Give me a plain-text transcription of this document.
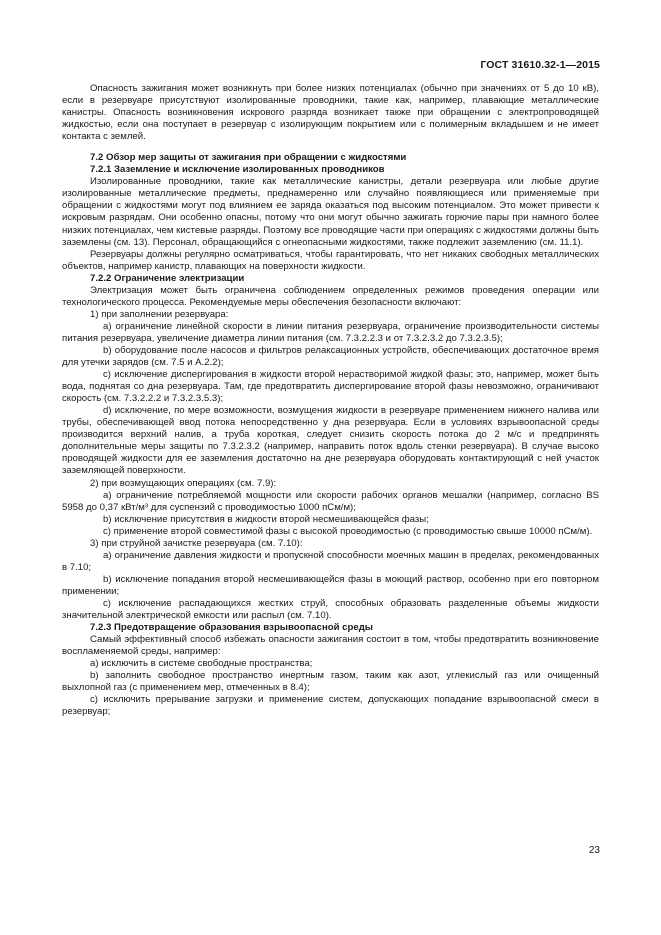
ГОСТ 31610.32-1—2015

Опасность зажигания может возникнуть при более низких потенциалах (обычно при значениях от 5 до 10 кВ), если в резервуаре присутствуют изолированные проводники, такие как, например, плавающие металлические канистры. Опасность возникновения искрового разряда возникает также при обращении с электропроводящей жидкостью, если она поступает в резервуар с изолирующим покрытием или с полимерным вкладышем и не имеет контакта с землей.

7.2 Обзор мер защиты от зажигания при обращении с жидкостями

7.2.1 Заземление и исключение изолированных проводников

Изолированные проводники, такие как металлические канистры, детали резервуара или любые другие изолированные металлические предметы, преднамеренно или случайно появляющиеся или применяемые при обращении с жидкостями могут под влиянием ее заряда оказаться под высоким потенциалом. Это может привести к искровым разрядам. Они особенно опасны, потому что они могут обычно зажигать горючие пары при намного более низких потенциалах, чем кистевые разряды. Поэтому все проводящие части при операциях с жидкостями должны быть заземлены (см. 13). Персонал, обращающийся с огнеопасными жидкостями, также подлежит заземлению (см. 11.1).

Резервуары должны регулярно осматриваться, чтобы гарантировать, что нет никаких свободных металлических объектов, например канистр, плавающих на поверхности жидкости.

7.2.2 Ограничение электризации

Электризация может быть ограничена соблюдением определенных режимов проведения операции или технологического процесса. Рекомендуемые меры обеспечения безопасности включают:

1) при заполнении резервуара:

а) ограничение линейной скорости в линии питания резервуара, ограничение производительности системы питания резервуара, увеличение диаметра линии питания (см. 7.3.2.2.3 и от 7.3.2.3.2 до 7.3.2.3.5);

b) оборудование после насосов и фильтров релаксационных устройств, обеспечивающих достаточное время для утечки зарядов (см. 7.5 и А.2.2);

c) исключение диспергирования в жидкости второй нерастворимой жидкой фазы; это, например, может быть вода, поднятая со дна резервуара. Там, где предотвратить диспергирование второй фазы невозможно, ограничивают скорость (см. 7.3.2.2.2 и 7.3.2.3.5.3);

d) исключение, по мере возможности, возмущения жидкости в резервуаре применением нижнего налива или трубы, обеспечивающей ввод потока непосредственно у дна резервуара. Если в условиях взрывоопасной среды производится верхний налив, а труба короткая, следует снизить скорость потока до 2 м/с и предпринять дополнительные меры защиты по 7.3.2.3.2 (например, направить поток вдоль стенки резервуара). В случае высоко проводящей жидкости для ее заземления достаточно на дне резервуара оборудовать контактирующий с ней участок заземляющей поверхности.

2) при возмущающих операциях (см. 7.9):

а) ограничение потребляемой мощности или скорости рабочих органов мешалки (например, согласно BS 5958 до 0,37 кВт/м³ для суспензий с проводимостью 1000 пСм/м);

b) исключение присутствия в жидкости второй несмешивающейся фазы;

c) применение второй совместимой фазы с высокой проводимостью (с проводимостью свыше 10000 пСм/м).

3) при струйной зачистке резервуара (см. 7.10):

а) ограничение давления жидкости и пропускной способности моечных машин в пределах, рекомендованных в 7.10;

b) исключение попадания второй несмешивающейся фазы в моющий раствор, особенно при его повторном применении;

c) исключение распадающихся жестких струй, способных образовать разделенные объемы жидкости значительной электрической емкости или распыл (см. 7.10).

7.2.3 Предотвращение образования взрывоопасной среды

Самый эффективный способ избежать опасности зажигания состоит в том, чтобы предотвратить возникновение воспламеняемой среды, например:

а) исключить в системе свободные пространства;

b) заполнить свободное пространство инертным газом, таким как азот, углекислый газ или очищенный выхлопной газ (с применением мер, отмеченных в 8.4);

c) исключить прерывание загрузки и применение систем, допускающих попадание взрывоопасной смеси в резервуар;

23
